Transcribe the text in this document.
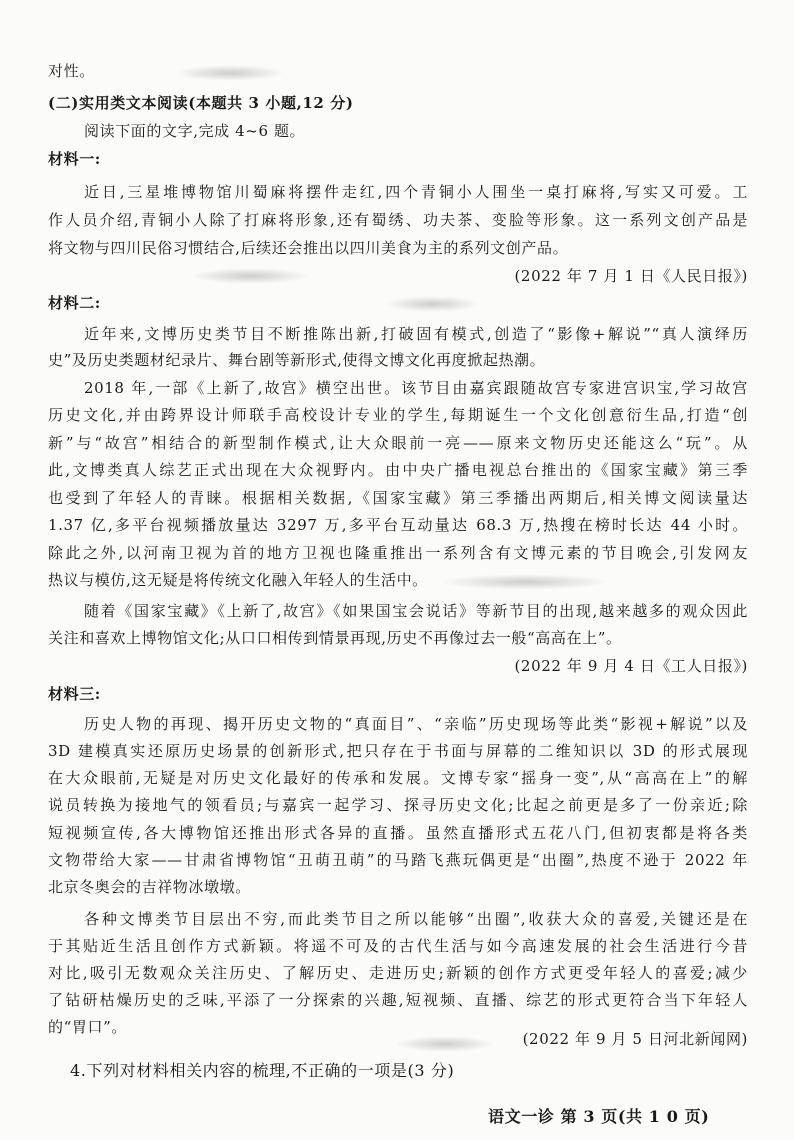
对性。
(二)实用类文本阅读(本题共 3 小题,12 分)
阅读下面的文字,完成 4~6 题。
材料一:
近日,三星堆博物馆川蜀麻将摆件走红,四个青铜小人围坐一桌打麻将,写实又可爱。工
作人员介绍,青铜小人除了打麻将形象,还有蜀绣、功夫茶、变脸等形象。这一系列文创产品是
将文物与四川民俗习惯结合,后续还会推出以四川美食为主的系列文创产品。
(2022 年 7 月 1 日《人民日报》)
材料二:
近年来,文博历史类节目不断推陈出新,打破固有模式,创造了“影像+解说”“真人演绎历
史”及历史类题材纪录片、舞台剧等新形式,使得文博文化再度掀起热潮。
2018 年,一部《上新了,故宫》横空出世。该节目由嘉宾跟随故宫专家进宫识宝,学习故宫
历史文化,并由跨界设计师联手高校设计专业的学生,每期诞生一个文化创意衍生品,打造“创
新”与“故宫”相结合的新型制作模式,让大众眼前一亮——原来文物历史还能这么“玩”。从
此,文博类真人综艺正式出现在大众视野内。由中央广播电视总台推出的《国家宝藏》第三季
也受到了年轻人的青睐。根据相关数据,《国家宝藏》第三季播出两期后,相关博文阅读量达
1.37 亿,多平台视频播放量达 3297 万,多平台互动量达 68.3 万,热搜在榜时长达 44 小时。
除此之外,以河南卫视为首的地方卫视也隆重推出一系列含有文博元素的节目晚会,引发网友
热议与模仿,这无疑是将传统文化融入年轻人的生活中。
随着《国家宝藏》《上新了,故宫》《如果国宝会说话》等新节目的出现,越来越多的观众因此
关注和喜欢上博物馆文化;从口口相传到情景再现,历史不再像过去一般“高高在上”。
(2022 年 9 月 4 日《工人日报》)
材料三:
历史人物的再现、揭开历史文物的“真面目”、“亲临”历史现场等此类“影视+解说”以及
3D 建模真实还原历史场景的创新形式,把只存在于书面与屏幕的二维知识以 3D 的形式展现
在大众眼前,无疑是对历史文化最好的传承和发展。文博专家“摇身一变”,从“高高在上”的解
说员转换为接地气的领看员;与嘉宾一起学习、探寻历史文化;比起之前更是多了一份亲近;除
短视频宣传,各大博物馆还推出形式各异的直播。虽然直播形式五花八门,但初衷都是将各类
文物带给大家——甘肃省博物馆“丑萌丑萌”的马踏飞燕玩偶更是“出圈”,热度不逊于 2022 年
北京冬奥会的吉祥物冰墩墩。
各种文博类节目层出不穷,而此类节目之所以能够“出圈”,收获大众的喜爱,关键还是在
于其贴近生活且创作方式新颖。将遥不可及的古代生活与如今高速发展的社会生活进行今昔
对比,吸引无数观众关注历史、了解历史、走进历史;新颖的创作方式更受年轻人的喜爱;减少
了钻研枯燥历史的乏味,平添了一分探索的兴趣,短视频、直播、综艺的形式更符合当下年轻人
的“胃口”。
(2022 年 9 月 5 日河北新闻网)
4.下列对材料相关内容的梳理,不正确的一项是(3 分)
语文一诊 第 3 页(共 1 0 页)
